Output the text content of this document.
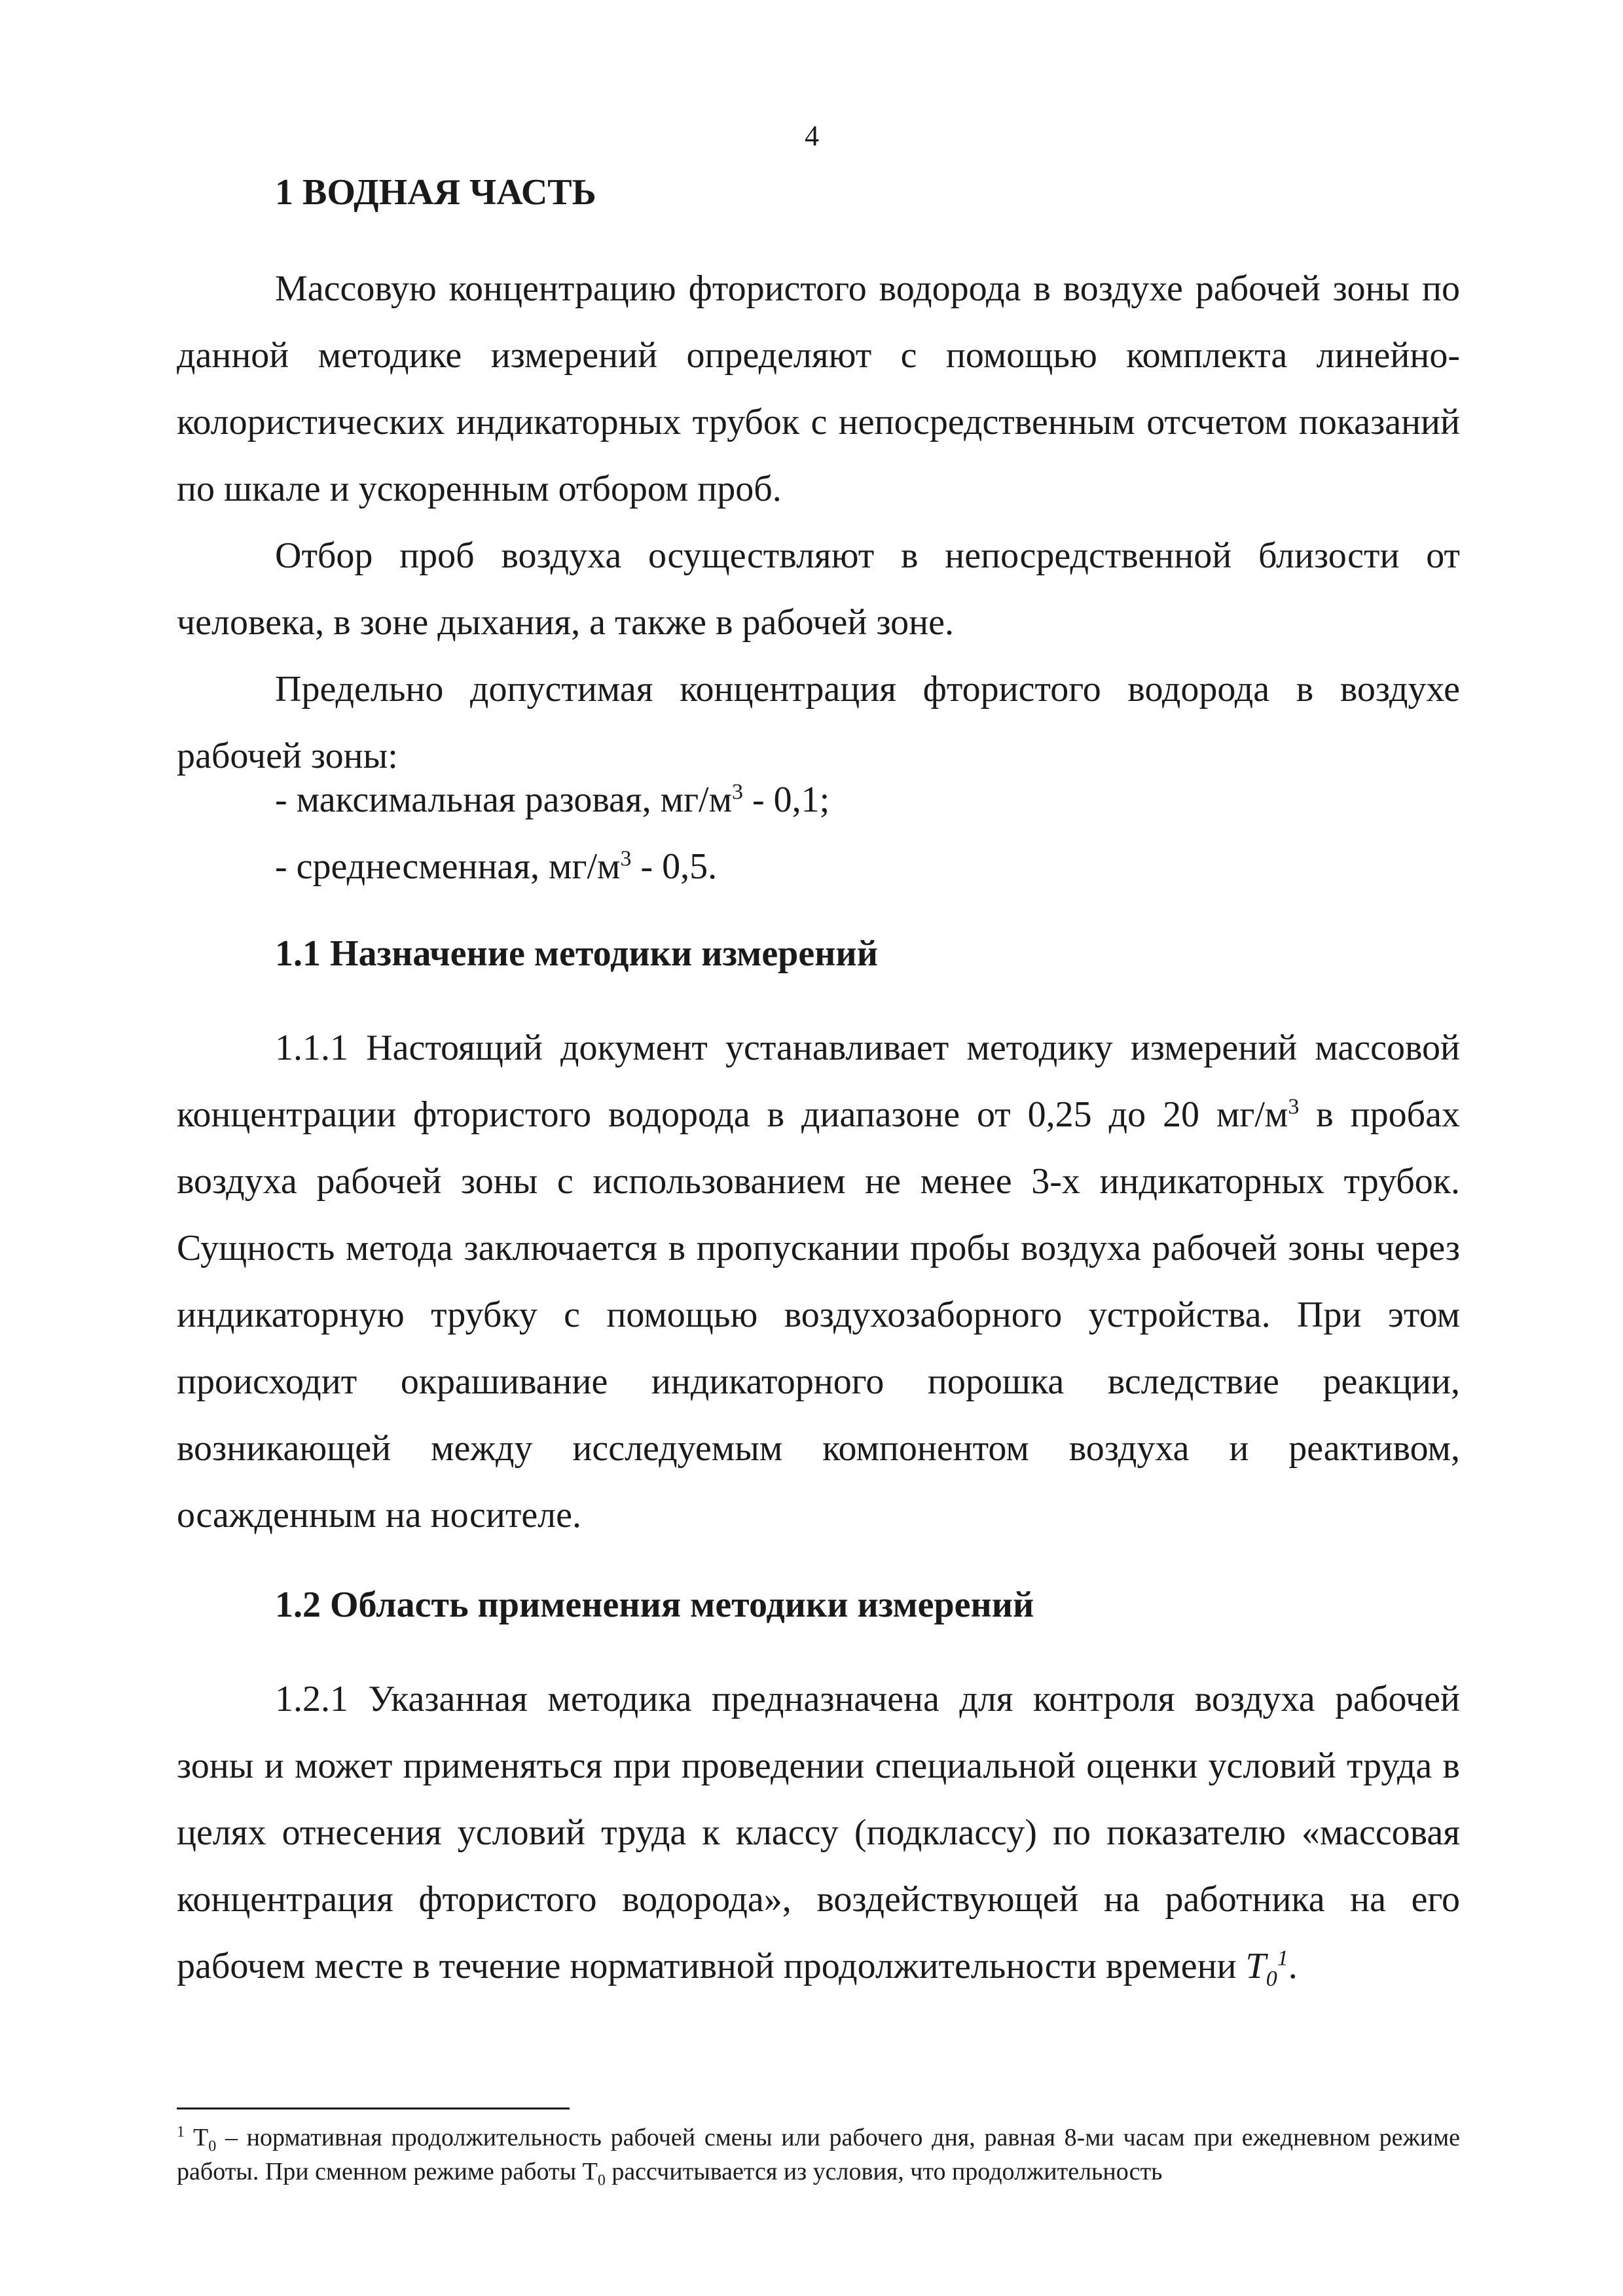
4
1 ВОДНАЯ ЧАСТЬ

Массовую концентрацию фтористого водорода в воздухе рабочей зоны по данной методике измерений определяют с помощью комплекта линейно-колористических индикаторных трубок с непосредственным отсчетом показаний по шкале и ускоренным отбором проб.

Отбор проб воздуха осуществляют в непосредственной близости от человека, в зоне дыхания, а также в рабочей зоне.

Предельно допустимая концентрация фтористого водорода в воздухе рабочей зоны:

- максимальная разовая, $мг/м^3 - 0,1$;
- среднесменная, $мг/м^3 - 0,5$.
1.1 Назначение методики измерений

1.1.1 Настоящий документ устанавливает методику измерений массовой концентрации фтористого водорода в диапазоне от 0,25 до 20 $мг/м^3$ в пробах воздуха рабочей зоны с использованием не менее 3-х индикаторных трубок. Сущность метода заключается в пропускании пробы воздуха рабочей зоны через индикаторную трубку с помощью воздухозаборного устройства. При этом происходит окрашивание индикаторного порошка вследствие реакции, возникающей между исследуемым компонентом воздуха и реактивом, осажденным на носителе.

1.2 Область применения методики измерений

1.2.1 Указанная методика предназначена для контроля воздуха рабочей зоны и может применяться при проведении специальной оценки условий труда в целях отнесения условий труда к классу (подклассу) по показателю «массовая концентрация фтористого водорода», воздействующей на работника на его рабочем месте в течение нормативной продолжительности времени $T_0^1$.

$^1$ $T_0$ – нормативная продолжительность рабочей смены или рабочего дня, равная 8-ми часам при ежедневном режиме работы. При сменном режиме работы $T_0$ рассчитывается из условия, что продолжительность
